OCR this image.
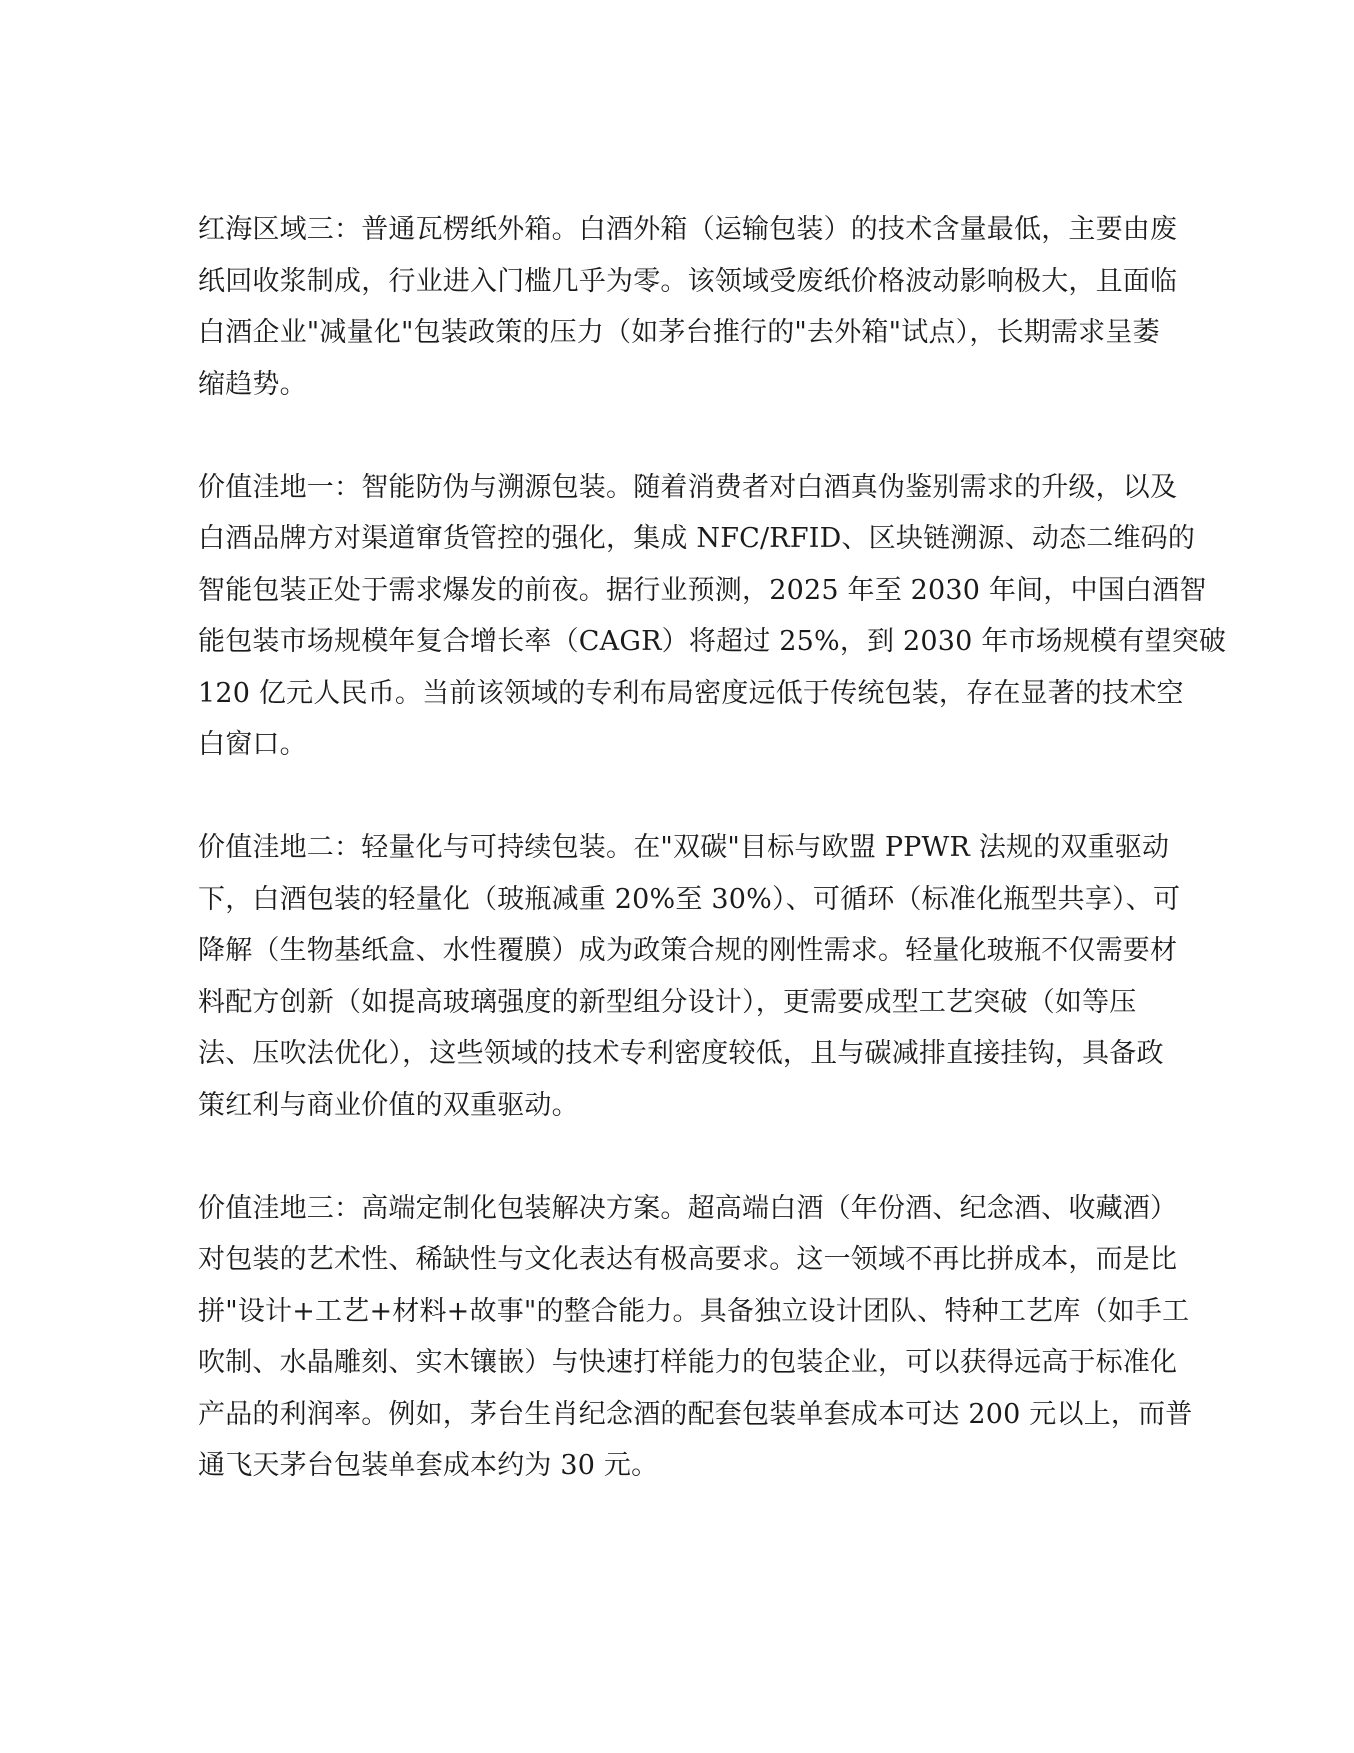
红海区域三：普通瓦楞纸外箱。白酒外箱（运输包装）的技术含量最低，主要由废
纸回收浆制成，行业进入门槛几乎为零。该领域受废纸价格波动影响极大，且面临
白酒企业"减量化"包装政策的压力（如茅台推行的"去外箱"试点），长期需求呈萎
缩趋势。
价值洼地一：智能防伪与溯源包装。随着消费者对白酒真伪鉴别需求的升级，以及
白酒品牌方对渠道窜货管控的强化，集成 NFC/RFID、区块链溯源、动态二维码的
智能包装正处于需求爆发的前夜。据行业预测，2025 年至 2030 年间，中国白酒智
能包装市场规模年复合增长率（CAGR）将超过 25%，到 2030 年市场规模有望突破
120 亿元人民币。当前该领域的专利布局密度远低于传统包装，存在显著的技术空
白窗口。
价值洼地二：轻量化与可持续包装。在"双碳"目标与欧盟 PPWR 法规的双重驱动
下，白酒包装的轻量化（玻瓶减重 20%至 30%）、可循环（标准化瓶型共享）、可
降解（生物基纸盒、水性覆膜）成为政策合规的刚性需求。轻量化玻瓶不仅需要材
料配方创新（如提高玻璃强度的新型组分设计），更需要成型工艺突破（如等压
法、压吹法优化），这些领域的技术专利密度较低，且与碳减排直接挂钩，具备政
策红利与商业价值的双重驱动。
价值洼地三：高端定制化包装解决方案。超高端白酒（年份酒、纪念酒、收藏酒）
对包装的艺术性、稀缺性与文化表达有极高要求。这一领域不再比拼成本，而是比
拼"设计+工艺+材料+故事"的整合能力。具备独立设计团队、特种工艺库（如手工
吹制、水晶雕刻、实木镶嵌）与快速打样能力的包装企业，可以获得远高于标准化
产品的利润率。例如，茅台生肖纪念酒的配套包装单套成本可达 200 元以上，而普
通飞天茅台包装单套成本约为 30 元。
